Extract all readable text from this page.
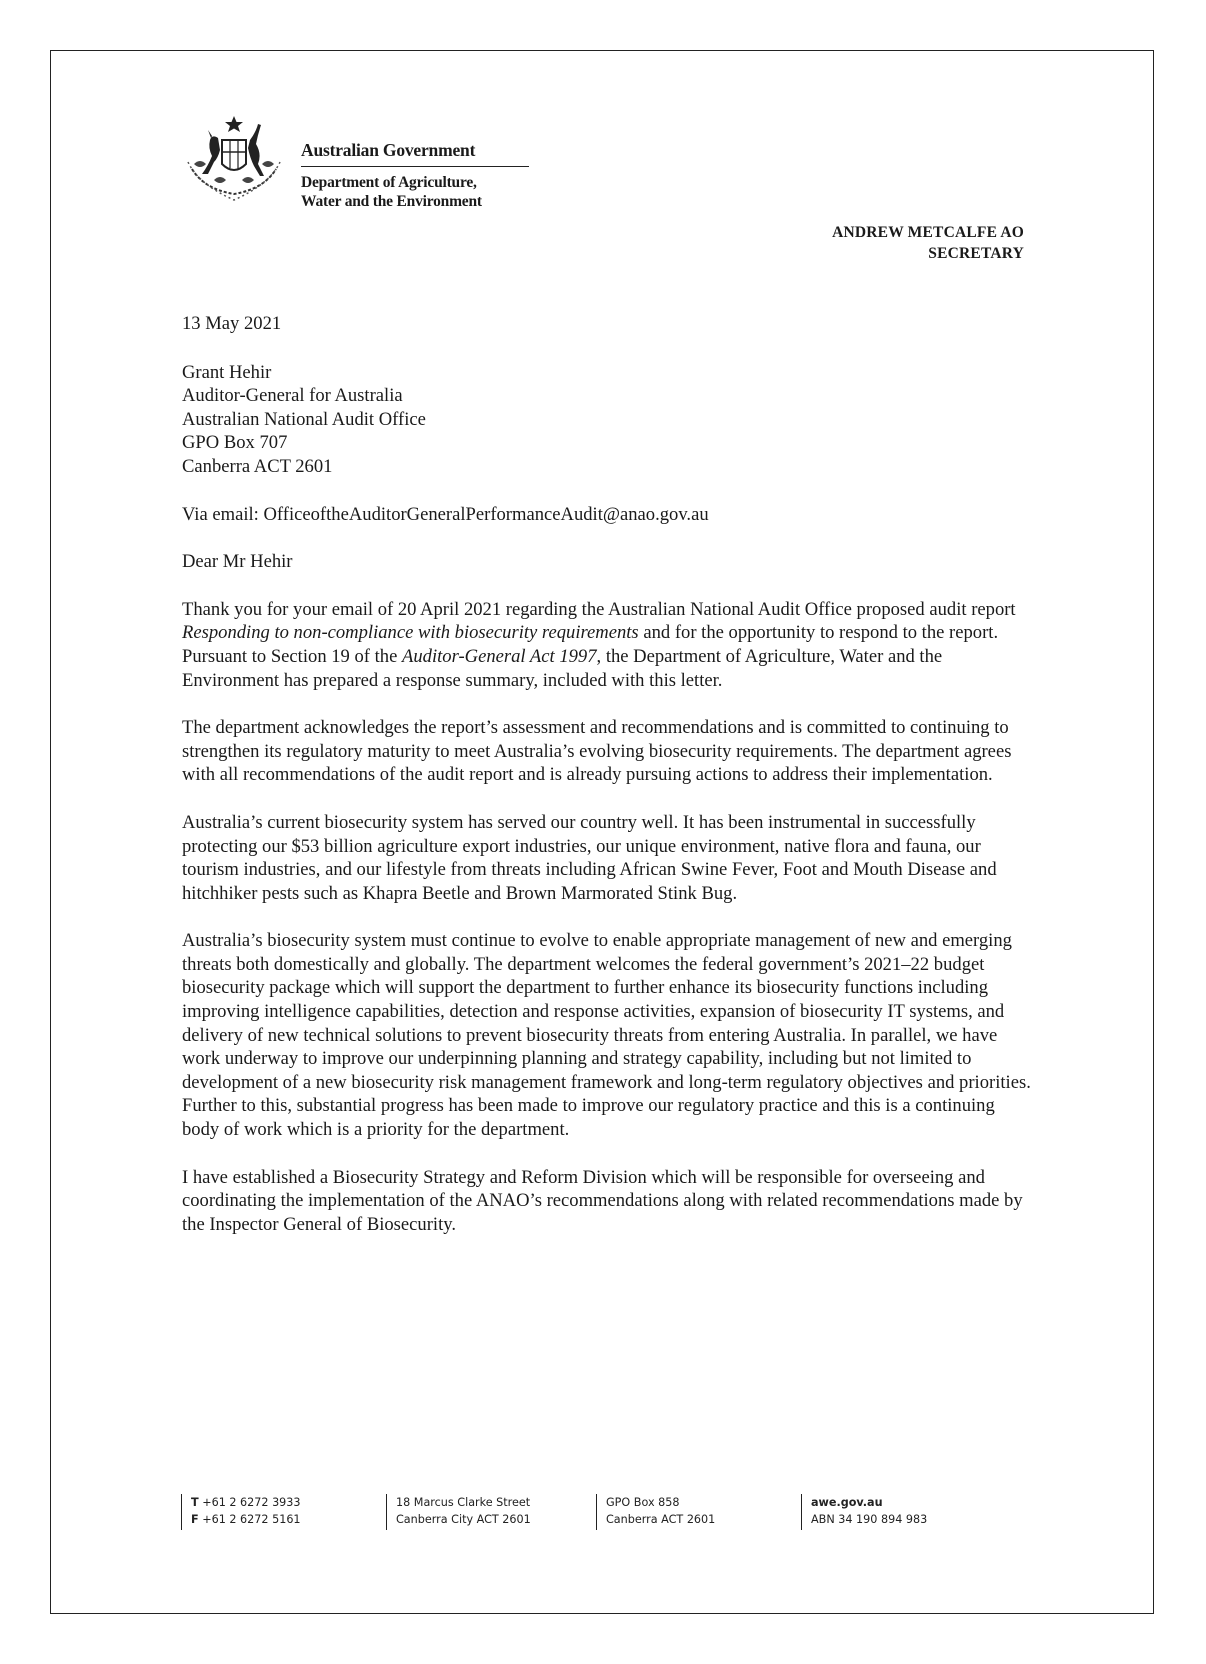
Australian Government
Department of Agriculture,
Water and the Environment
ANDREW METCALFE AO
SECRETARY

13 May 2021

Grant Hehir
Auditor-General for Australia
Australian National Audit Office
GPO Box 707
Canberra ACT 2601

Via email: OfficeoftheAuditorGeneralPerformanceAudit@anao.gov.au

Dear Mr Hehir

Thank you for your email of 20 April 2021 regarding the Australian National Audit Office proposed audit report Responding to non-compliance with biosecurity requirements and for the opportunity to respond to the report. Pursuant to Section 19 of the Auditor-General Act 1997, the Department of Agriculture, Water and the Environment has prepared a response summary, included with this letter.

The department acknowledges the report’s assessment and recommendations and is committed to continuing to strengthen its regulatory maturity to meet Australia’s evolving biosecurity requirements. The department agrees with all recommendations of the audit report and is already pursuing actions to address their implementation.

Australia’s current biosecurity system has served our country well. It has been instrumental in successfully protecting our $53 billion agriculture export industries, our unique environment, native flora and fauna, our tourism industries, and our lifestyle from threats including African Swine Fever, Foot and Mouth Disease and hitchhiker pests such as Khapra Beetle and Brown Marmorated Stink Bug.

Australia’s biosecurity system must continue to evolve to enable appropriate management of new and emerging threats both domestically and globally. The department welcomes the federal government’s 2021–22 budget biosecurity package which will support the department to further enhance its biosecurity functions including improving intelligence capabilities, detection and response activities, expansion of biosecurity IT systems, and delivery of new technical solutions to prevent biosecurity threats from entering Australia. In parallel, we have work underway to improve our underpinning planning and strategy capability, including but not limited to development of a new biosecurity risk management framework and long-term regulatory objectives and priorities. Further to this, substantial progress has been made to improve our regulatory practice and this is a continuing body of work which is a priority for the department.

I have established a Biosecurity Strategy and Reform Division which will be responsible for overseeing and coordinating the implementation of the ANAO’s recommendations along with related recommendations made by the Inspector General of Biosecurity.

T +61 2 6272 3933
F +61 2 6272 5161
18 Marcus Clarke Street
Canberra City ACT 2601
GPO Box 858
Canberra ACT 2601
awe.gov.au
ABN 34 190 894 983
